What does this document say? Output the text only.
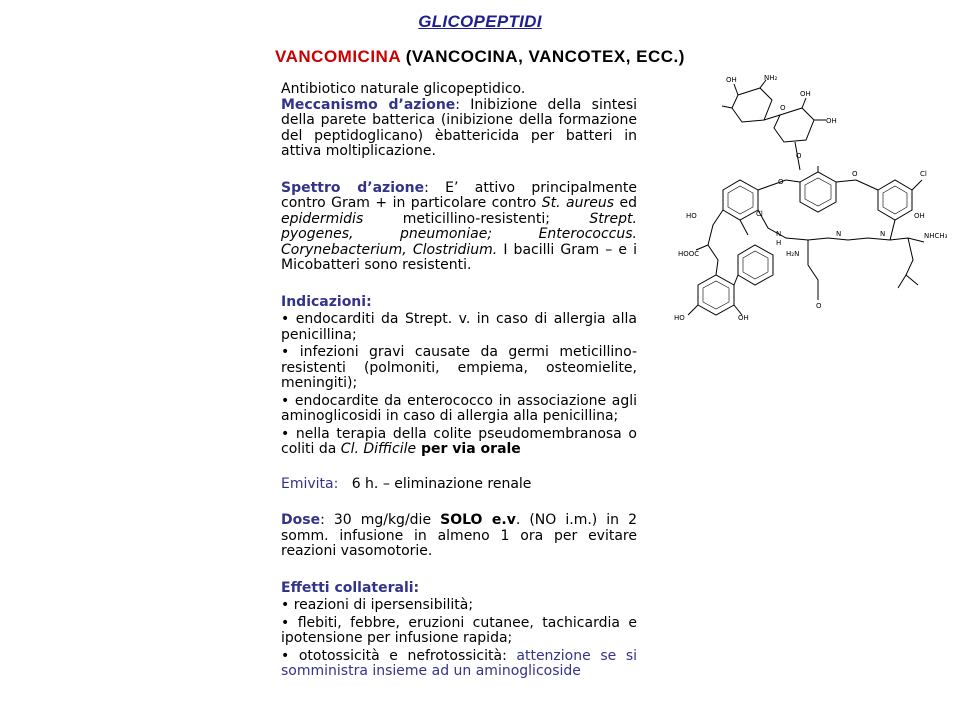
GLICOPEPTIDI
VANCOMICINA (VANCOCINA, VANCOTEX, ECC.)

Antibiotico naturale glicopeptidico.

Meccanismo d’azione: Inibizione della sintesi della parete batterica (inibizione della formazione del peptidoglicano) èbattericida per batteri in attiva moltiplicazione.

Spettro d’azione: E’ attivo principalmente contro Gram + in particolare contro St. aureus ed epidermidis meticillino-resistenti; Strept. pyogenes, pneumoniae; Enterococcus. Corynebacterium, Clostridium. I bacilli Gram – e i Micobatteri sono resistenti.

Indicazioni:

• endocarditi da Strept. v. in caso di allergia alla penicillina;

• infezioni gravi causate da germi meticillino-resistenti (polmoniti, empiema, osteomielite, meningiti);

• endocardite da enterococco in associazione agli aminoglicosidi in caso di allergia alla penicillina;

• nella terapia della colite pseudomembranosa o coliti da Cl. Difficile per via orale

Emivita: 6 h. – eliminazione renale

Dose: 30 mg/kg/die SOLO e.v. (NO i.m.) in 2 somm. infusione in almeno 1 ora per evitare reazioni vasomotorie.

Effetti collaterali:

• reazioni di ipersensibilità;

• flebiti, febbre, eruzioni cutanee, tachicardia e ipotensione per infusione rapida;

• ototossicità e nefrotossicità: attenzione se si somministra insieme ad un aminoglicoside

OH	NH₂
OH
OH
O
O
O
O	Cl
Cl
HO	OH
N
H
N	N	NHCH₃
H₂N
HOOC
HO	OH
O
